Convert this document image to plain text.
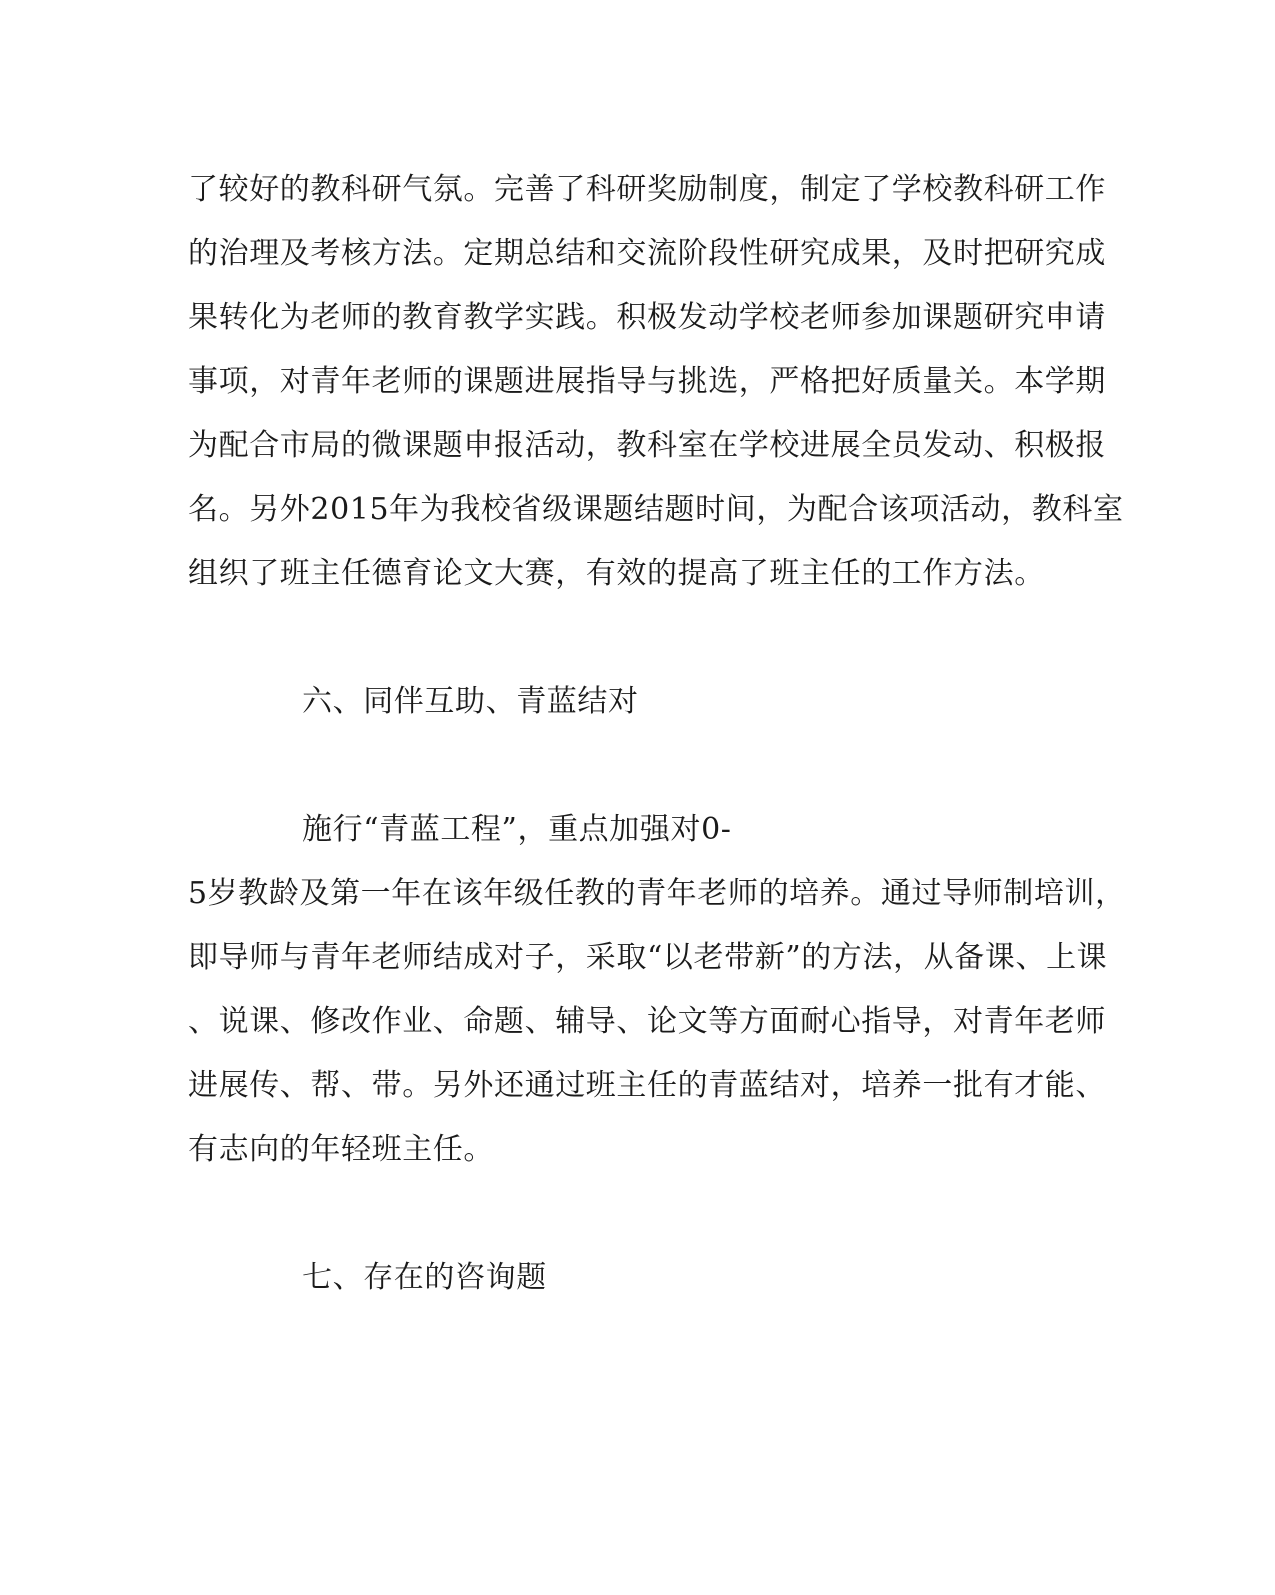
了较好的教科研气氛。完善了科研奖励制度，制定了学校教科研工作
的治理及考核方法。定期总结和交流阶段性研究成果，及时把研究成
果转化为老师的教育教学实践。积极发动学校老师参加课题研究申请
事项，对青年老师的课题进展指导与挑选，严格把好质量关。本学期
为配合市局的微课题申报活动，教科室在学校进展全员发动、积极报
名。另外2015年为我校省级课题结题时间，为配合该项活动，教科室
组织了班主任德育论文大赛，有效的提高了班主任的工作方法。
六、同伴互助、青蓝结对
施行“青蓝工程”，重点加强对0-
5岁教龄及第一年在该年级任教的青年老师的培养。通过导师制培训，
即导师与青年老师结成对子，采取“以老带新”的方法，从备课、上课
、说课、修改作业、命题、辅导、论文等方面耐心指导，对青年老师
进展传、帮、带。另外还通过班主任的青蓝结对，培养一批有才能、
有志向的年轻班主任。
七、存在的咨询题
